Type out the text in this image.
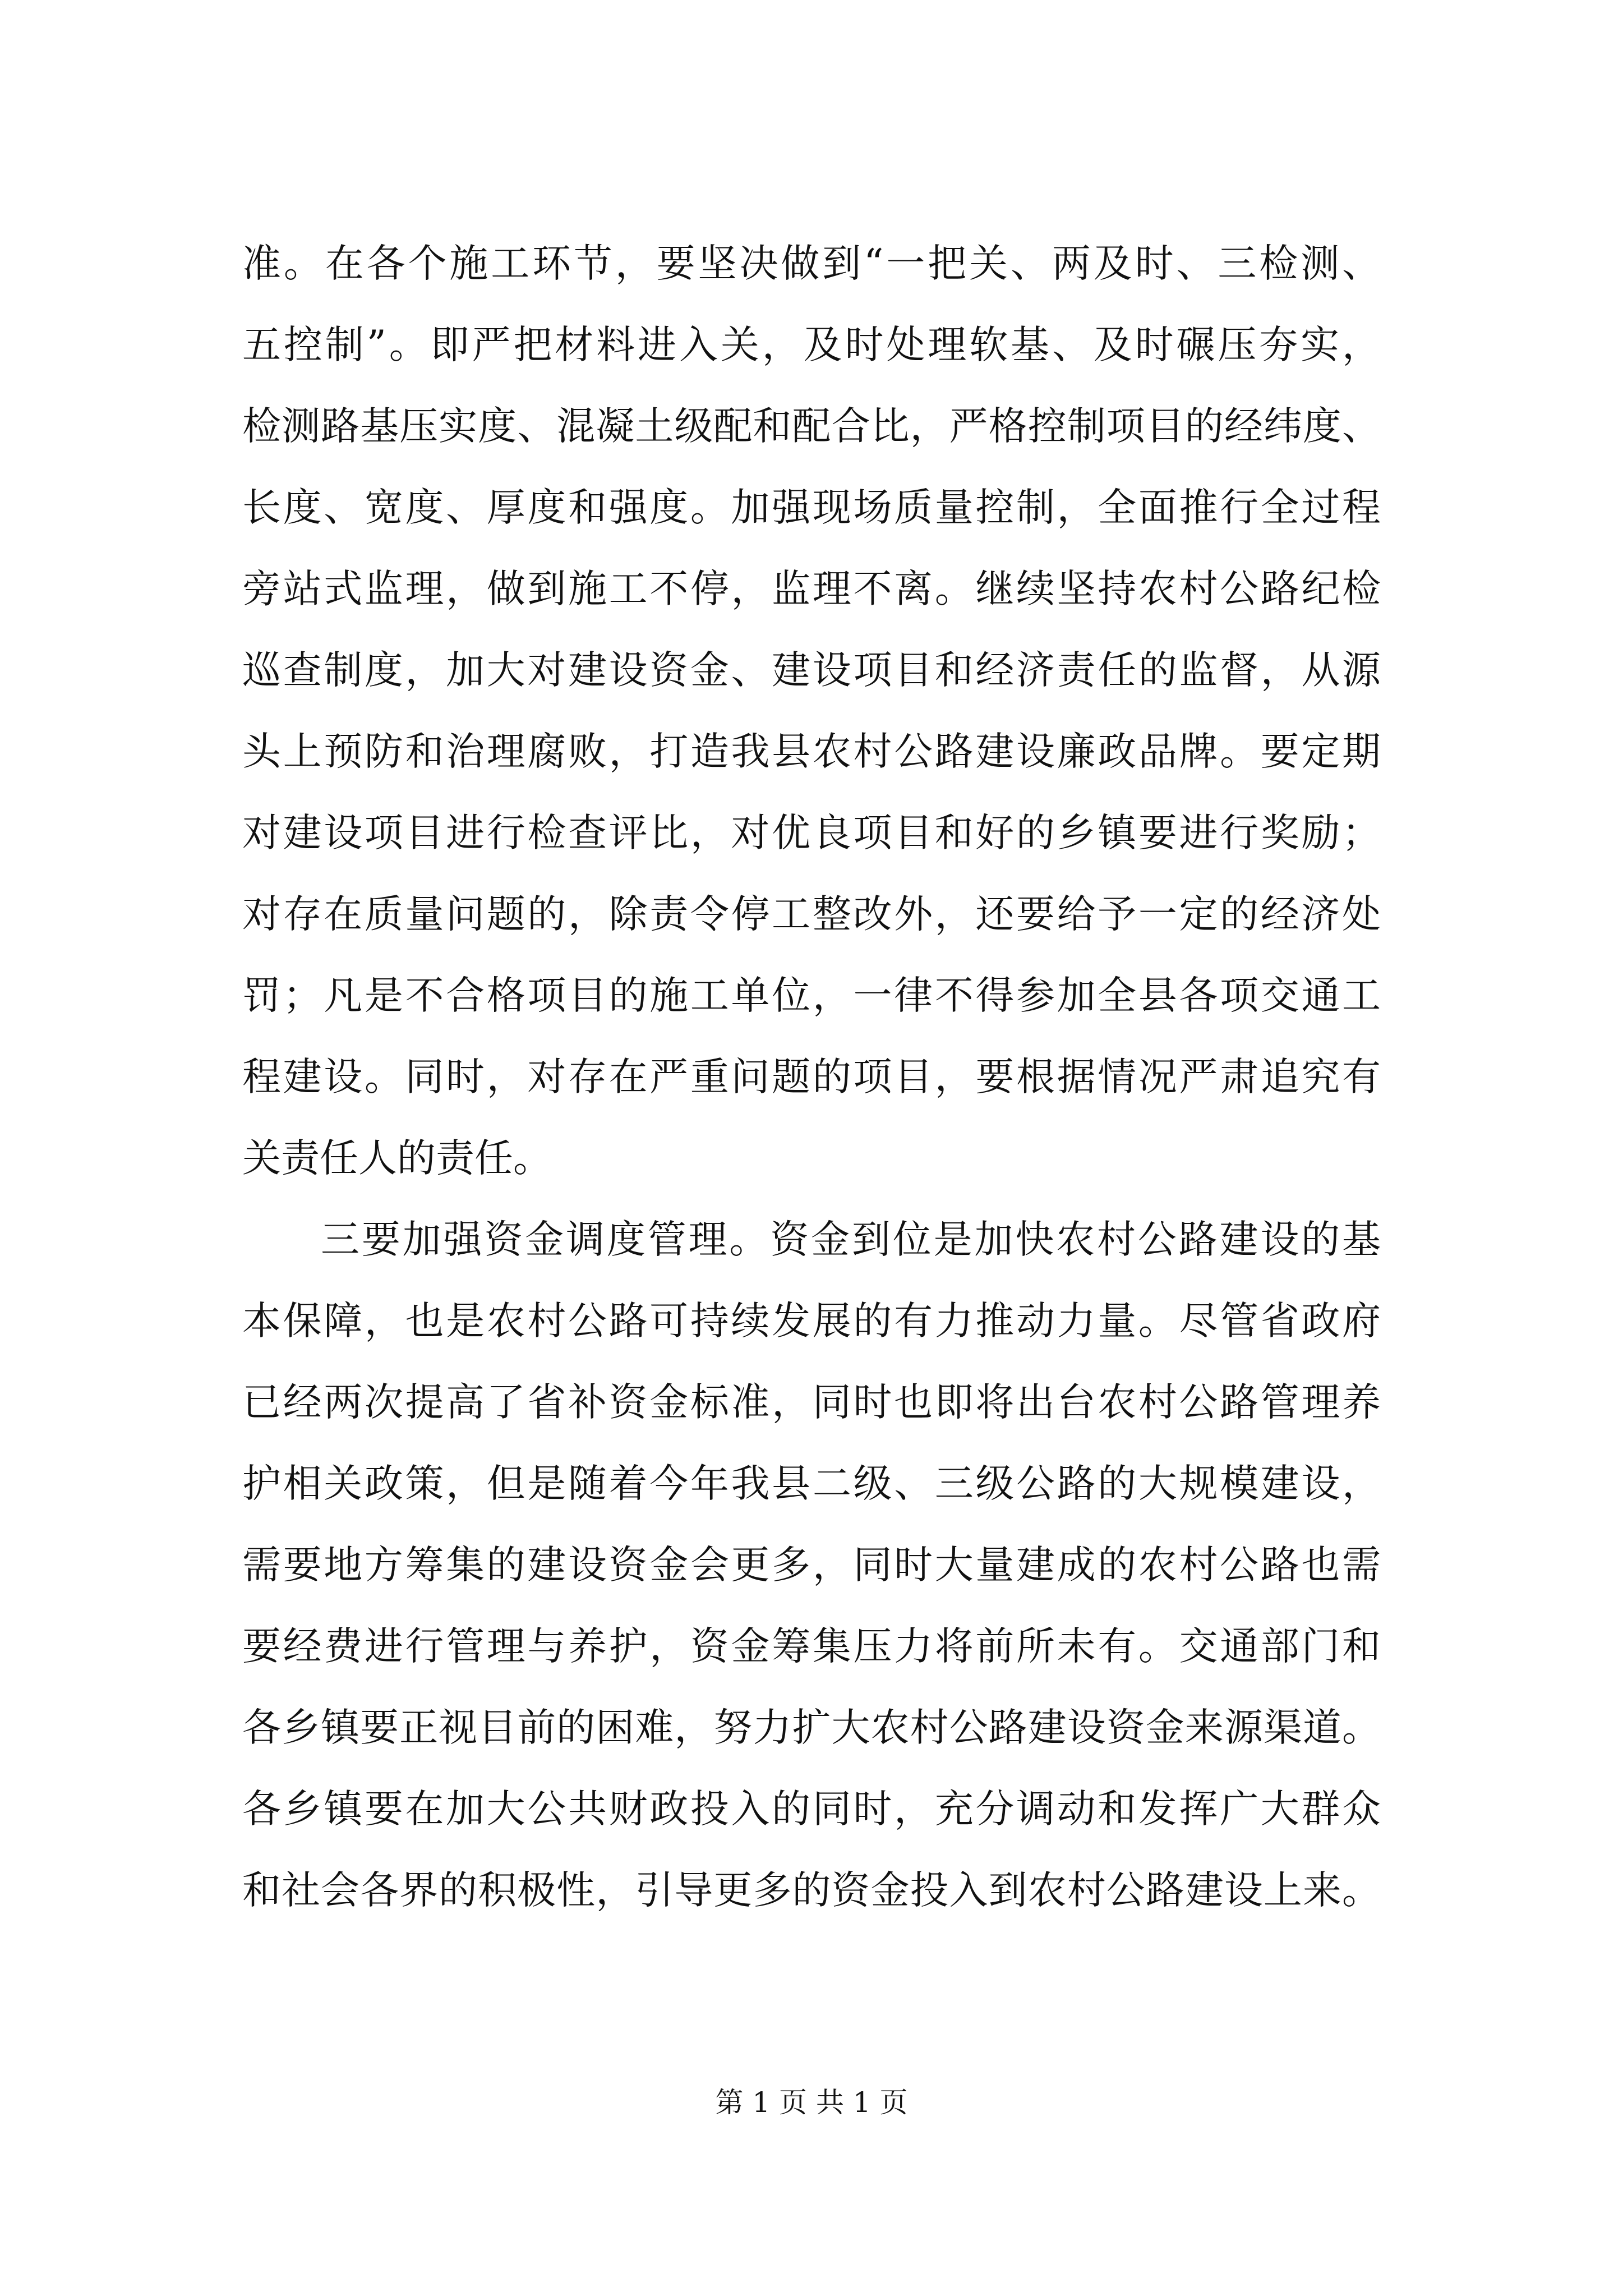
准。在各个施工环节，要坚决做到“一把关、两及时、三检测、
五控制”。即严把材料进入关，及时处理软基、及时碾压夯实，
检测路基压实度、混凝土级配和配合比，严格控制项目的经纬度、
长度、宽度、厚度和强度。加强现场质量控制，全面推行全过程
旁站式监理，做到施工不停，监理不离。继续坚持农村公路纪检
巡查制度，加大对建设资金、建设项目和经济责任的监督，从源
头上预防和治理腐败，打造我县农村公路建设廉政品牌。要定期
对建设项目进行检查评比，对优良项目和好的乡镇要进行奖励；
对存在质量问题的，除责令停工整改外，还要给予一定的经济处
罚；凡是不合格项目的施工单位，一律不得参加全县各项交通工
程建设。同时，对存在严重问题的项目，要根据情况严肃追究有
关责任人的责任。
三要加强资金调度管理。资金到位是加快农村公路建设的基
本保障，也是农村公路可持续发展的有力推动力量。尽管省政府
已经两次提高了省补资金标准，同时也即将出台农村公路管理养
护相关政策，但是随着今年我县二级、三级公路的大规模建设，
需要地方筹集的建设资金会更多，同时大量建成的农村公路也需
要经费进行管理与养护，资金筹集压力将前所未有。交通部门和
各乡镇要正视目前的困难，努力扩大农村公路建设资金来源渠道。
各乡镇要在加大公共财政投入的同时，充分调动和发挥广大群众
和社会各界的积极性，引导更多的资金投入到农村公路建设上来。
第 1 页 共 1 页
